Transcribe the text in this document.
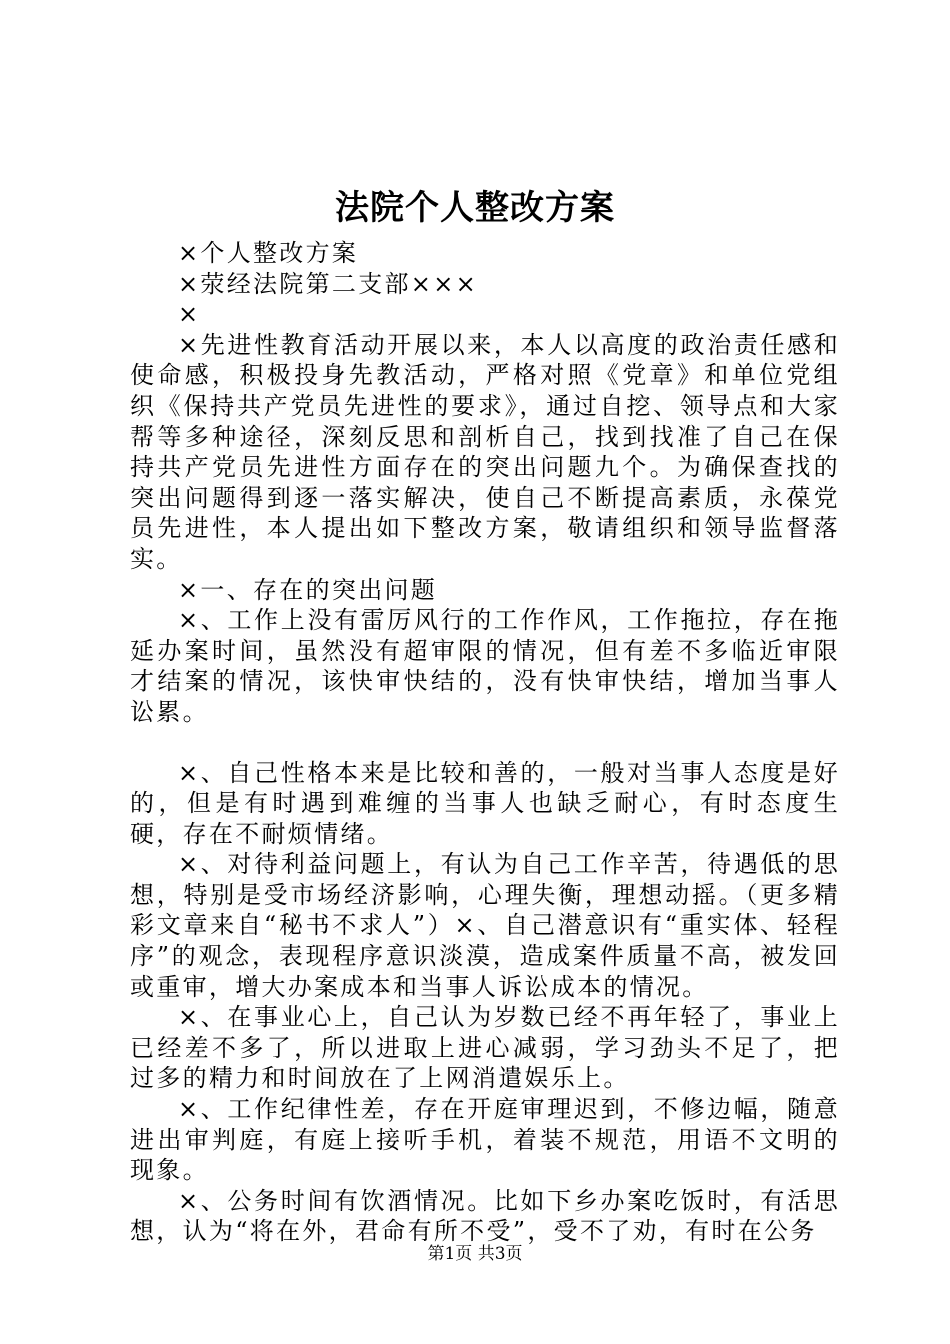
法院个人整改方案

×个人整改方案

×荥经法院第二支部×××

×

×先进性教育活动开展以来，本人以高度的政治责任感和使命感，积极投身先教活动，严格对照《党章》和单位党组织《保持共产党员先进性的要求》，通过自挖、领导点和大家帮等多种途径，深刻反思和剖析自己，找到找准了自己在保持共产党员先进性方面存在的突出问题九个。为确保查找的突出问题得到逐一落实解决，使自己不断提高素质，永葆党员先进性，本人提出如下整改方案，敬请组织和领导监督落实。

×一、存在的突出问题

×、工作上没有雷厉风行的工作作风，工作拖拉，存在拖延办案时间，虽然没有超审限的情况，但有差不多临近审限才结案的情况，该快审快结的，没有快审快结，增加当事人讼累。

×、自己性格本来是比较和善的，一般对当事人态度是好的，但是有时遇到难缠的当事人也缺乏耐心，有时态度生硬，存在不耐烦情绪。

×、对待利益问题上，有认为自己工作辛苦，待遇低的思想，特别是受市场经济影响，心理失衡，理想动摇。（更多精彩文章来自“秘书不求人”）×、自己潜意识有“重实体、轻程序”的观念，表现程序意识淡漠，造成案件质量不高，被发回或重审，增大办案成本和当事人诉讼成本的情况。

×、在事业心上，自己认为岁数已经不再年轻了，事业上已经差不多了，所以进取上进心减弱，学习劲头不足了，把过多的精力和时间放在了上网消遣娱乐上。

×、工作纪律性差，存在开庭审理迟到，不修边幅，随意进出审判庭，有庭上接听手机，着装不规范，用语不文明的现象。

×、公务时间有饮酒情况。比如下乡办案吃饭时，有活思想，认为“将在外，君命有所不受”，受不了劝，有时在公务

第1页 共3页
